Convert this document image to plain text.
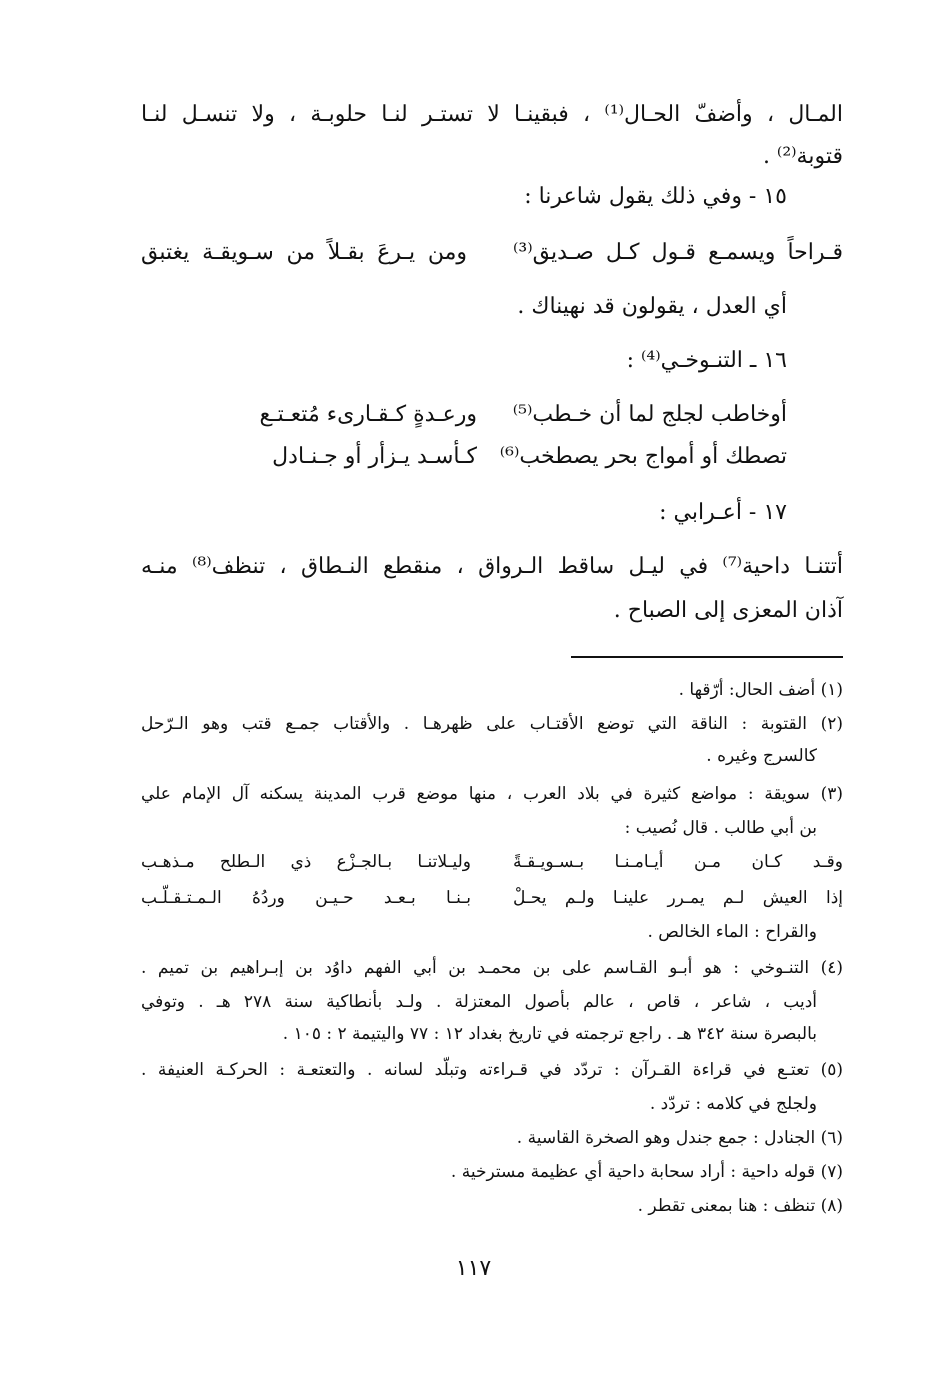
المـال ، وأضفّ الحـال⁽¹⁾ ، فبقينـا لا تستـر لنـا حلوبـة ، ولا تنسـل لنـا
قتوبة⁽²⁾ .
١٥ - وفي ذلك يقول شاعرنا :
ومن يـرعَ بقـلاً من سـويقـة يغتبق قـراحاً ويسمـع قـول كـل صـديق⁽³⁾
أي العدل ، يقولون قد نهيناك .
١٦ ـ التنـوخـي⁽⁴⁾ :
ورعـدةٍ كـقـارىء مُتعـتـع أوخاطب لجلج لما أن خـطب⁽⁵⁾
كـأسـد يـزأر أو جـنـادل تصطك أو أمواج بحر يصطخب⁽⁶⁾
١٧ - أعـرابي :
أتتنـا داحية⁽⁷⁾ في ليـل ساقط الـرواق ، منقطع النـطاق ، تنظف⁽⁸⁾ منـه
آذان المعزى إلى الصباح .
(١) أضف الحال: أرّقها .
(٢) القتوبة : الناقة التي توضع الأقتـاب على ظهرهـا . والأقتاب جمـع قتب وهو الـرّحل
كالسرج وغيره .
(٣) سويقة : مواضع كثيرة في بلاد العرب ، منها موضع قرب المدينة يسكنه آل الإمام علي
بن أبي طالب . قال نُصيب :
وقـد كـان مـن أيـامـنـا بـسـويـقـةً
وليـلاتنـا بـالجـزْع ذي الـطلح مـذهـب
إذا العيش لـم يمـرر علينـا ولـم يحـلْ
بـنـا بـعـد حـيـن وردُهُ الـمـتـقـلّـب
والقراح : الماء الخالص .
(٤) التنـوخي : هو أبـو القـاسم على بن محمـد بن أبي الفهم داوُد بن إبـراهيم بن تميم .
أديب ، شاعر ، قاص ، عالم بأصول المعتزلة . ولـد بأنطاكية سنة ٢٧٨ هـ . وتوفي
بالبصرة سنة ٣٤٢ هـ . راجع ترجمته في تاريخ بغداد ١٢ : ٧٧ واليتيمة ٢ : ١٠٥ .
(٥) تعتـع في قراءة القـرآن : تردّد في قـراءته وتبلّد لسانه . والتعتعـة : الحركـة العنيفة .
ولجلج في كلامه : تردّد .
(٦) الجنادل : جمع جندل وهو الصخرة القاسية .
(٧) قوله داحية : أراد سحابة داحية أي عظيمة مسترخية .
(٨) تنظف : هنا بمعنى تقطر .
١١٧
